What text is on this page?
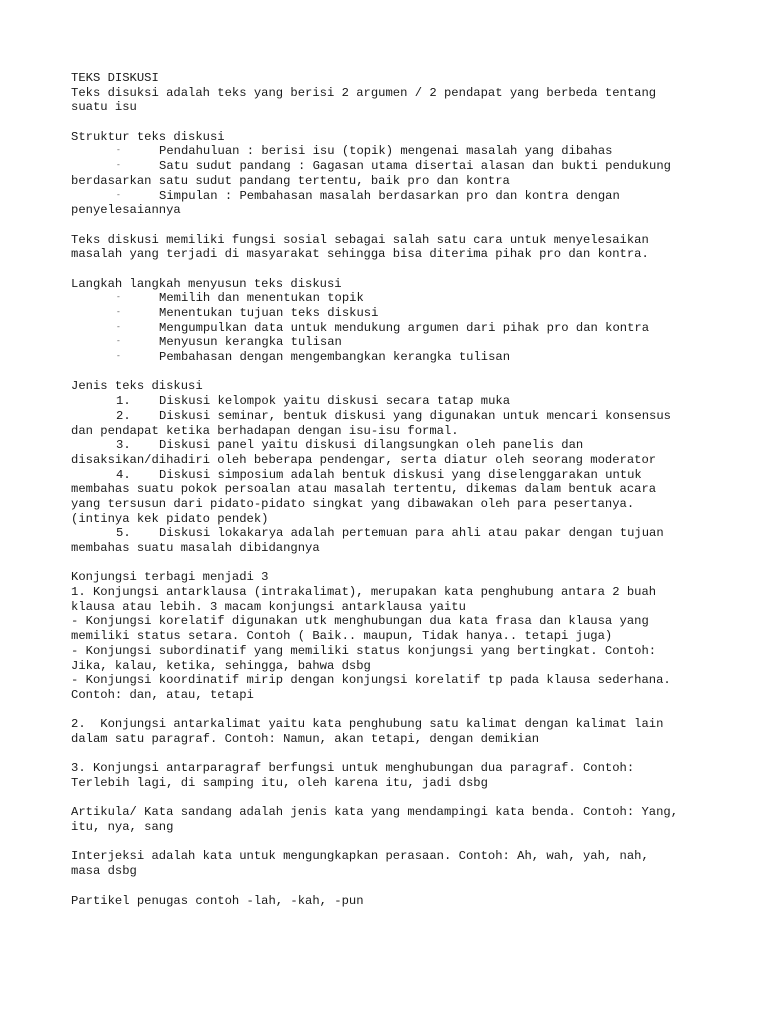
TEKS DISKUSI
Teks disuksi adalah teks yang berisi 2 argumen / 2 pendapat yang berbeda tentang
suatu isu
Struktur teks diskusi

-

	Pendahuluan : berisi isu (topik) mengenai masalah yang dibahas

-

	Satu sudut pandang : Gagasan utama disertai alasan dan bukti pendukung

berdasarkan satu sudut pandang tertentu, baik pro dan kontra

-

	Simpulan : Pembahasan masalah berdasarkan pro dan kontra dengan

penyelesaiannya
Teks diskusi memiliki fungsi sosial sebagai salah satu cara untuk menyelesaikan
masalah yang terjadi di masyarakat sehingga bisa diterima pihak pro dan kontra.
Langkah langkah menyusun teks diskusi

-

	Memilih dan menentukan topik

-

	Menentukan tujuan teks diskusi

-

	Mengumpulkan data untuk mendukung argumen dari pihak pro dan kontra

-

	Menyusun kerangka tulisan

-

	Pembahasan dengan mengembangkan kerangka tulisan

Jenis teks diskusi

1.

Diskusi kelompok yaitu diskusi secara tatap muka

2.

Diskusi seminar, bentuk diskusi yang digunakan untuk mencari konsensus

dan pendapat ketika berhadapan dengan isu-isu formal.

3.

Diskusi panel yaitu diskusi dilangsungkan oleh panelis dan

disaksikan/dihadiri oleh beberapa pendengar, serta diatur oleh seorang moderator

4.

Diskusi simposium adalah bentuk diskusi yang diselenggarakan untuk

membahas suatu pokok persoalan atau masalah tertentu, dikemas dalam bentuk acara
yang tersusun dari pidato-pidato singkat yang dibawakan oleh para pesertanya.
(intinya kek pidato pendek)

5.

Diskusi lokakarya adalah pertemuan para ahli atau pakar dengan tujuan

membahas suatu masalah dibidangnya
Konjungsi terbagi menjadi 3
1. Konjungsi antarklausa (intrakalimat), merupakan kata penghubung antara 2 buah
klausa atau lebih. 3 macam konjungsi antarklausa yaitu
- Konjungsi korelatif digunakan utk menghubungan dua kata frasa dan klausa yang
memiliki status setara. Contoh ( Baik.. maupun, Tidak hanya.. tetapi juga)
- Konjungsi subordinatif yang memiliki status konjungsi yang bertingkat. Contoh:
Jika, kalau, ketika, sehingga, bahwa dsbg
- Konjungsi koordinatif mirip dengan konjungsi korelatif tp pada klausa sederhana.
Contoh: dan, atau, tetapi
2.  Konjungsi antarkalimat yaitu kata penghubung satu kalimat dengan kalimat lain
dalam satu paragraf. Contoh: Namun, akan tetapi, dengan demikian
3. Konjungsi antarparagraf berfungsi untuk menghubungan dua paragraf. Contoh:
Terlebih lagi, di samping itu, oleh karena itu, jadi dsbg
Artikula/ Kata sandang adalah jenis kata yang mendampingi kata benda. Contoh: Yang,
itu, nya, sang
Interjeksi adalah kata untuk mengungkapkan perasaan. Contoh: Ah, wah, yah, nah,
masa dsbg
Partikel penugas contoh -lah, -kah, -pun
